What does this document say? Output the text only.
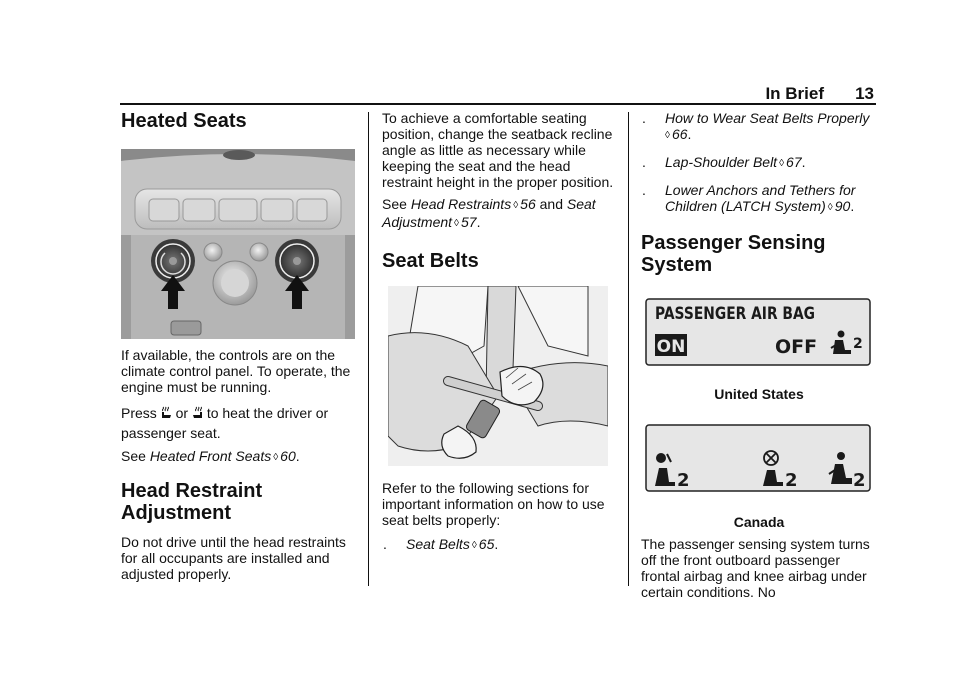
In Brief 13
Heated Seats

If available, the controls are on the climate control panel. To operate, the engine must be running.

Press or to heat the driver or passenger seat.

See Heated Front Seats ◊ 60.

Head Restraint
Adjustment

Do not drive until the head restraints for all occupants are installed and adjusted properly.

To achieve a comfortable seating position, change the seatback recline angle as little as necessary while keeping the seat and the head restraint height in the proper position.

See Head Restraints ◊ 56 and Seat
Adjustment ◊ 57.

Seat Belts

Refer to the following sections for important information on how to use seat belts properly:

. Seat Belts ◊ 65.
. How to Wear Seat Belts Properly
◊ 66.
. Lap-Shoulder Belt ◊ 67.
. Lower Anchors and Tethers for
Children (LATCH System) ◊ 90.
Passenger Sensing
System
PASSENGER AIR BAG
ON	OFF	2
United States
2	2	2
Canada

The passenger sensing system turns off the front outboard passenger frontal airbag and knee airbag under certain conditions. No
